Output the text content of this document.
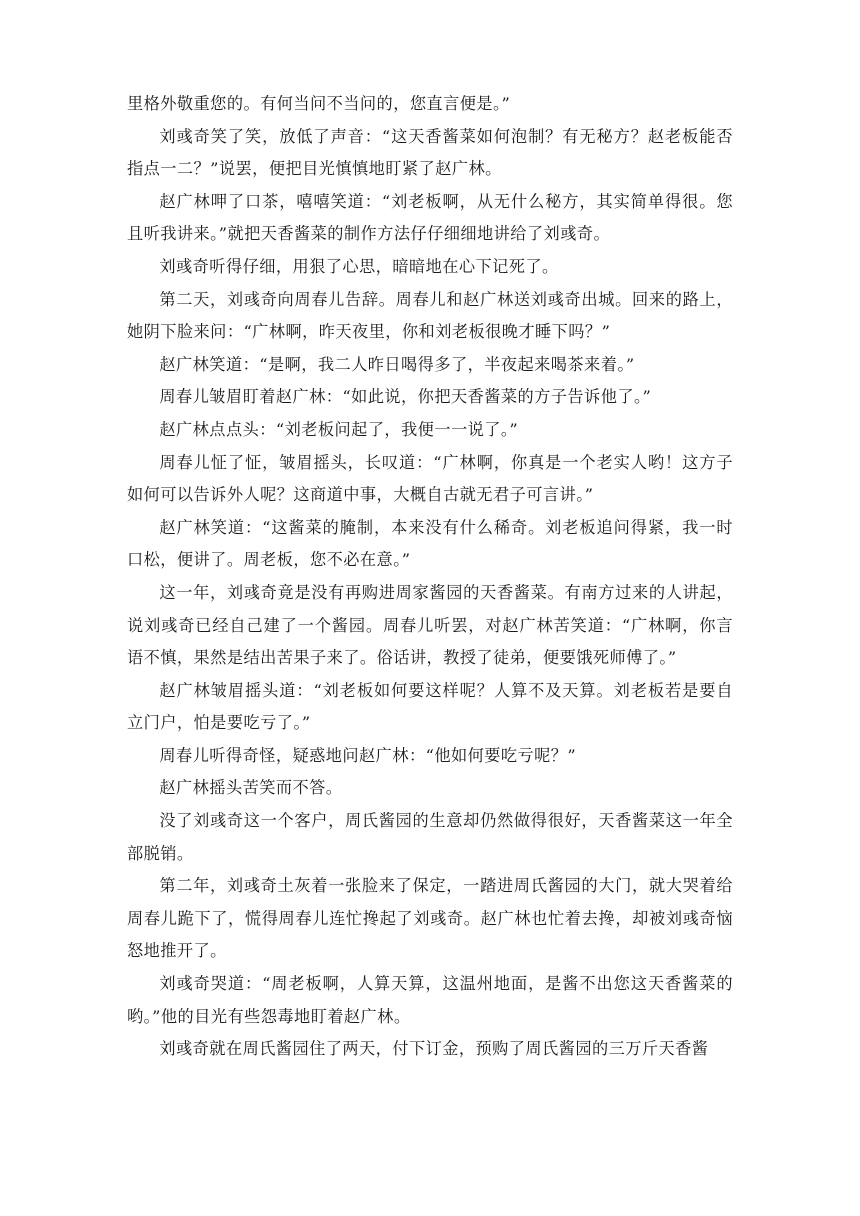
里格外敬重您的。有何当问不当问的，您直言便是。”

刘彧奇笑了笑，放低了声音：“这天香酱菜如何泡制？有无秘方？赵老板能否指点一二？”说罢，便把目光慎慎地盯紧了赵广林。

赵广林呷了口茶，嘻嘻笑道：“刘老板啊，从无什么秘方，其实简单得很。您且听我讲来。”就把天香酱菜的制作方法仔仔细细地讲给了刘彧奇。

刘彧奇听得仔细，用狠了心思，暗暗地在心下记死了。

第二天，刘彧奇向周春儿告辞。周春儿和赵广林送刘彧奇出城。回来的路上，她阴下脸来问：“广林啊，昨天夜里，你和刘老板很晚才睡下吗？”

赵广林笑道：“是啊，我二人昨日喝得多了，半夜起来喝茶来着。”

周春儿皱眉盯着赵广林：“如此说，你把天香酱菜的方子告诉他了。”

赵广林点点头：“刘老板问起了，我便一一说了。”

周春儿怔了怔，皱眉摇头，长叹道：“广林啊，你真是一个老实人哟！这方子如何可以告诉外人呢？这商道中事，大概自古就无君子可言讲。”

赵广林笑道：“这酱菜的腌制，本来没有什么稀奇。刘老板追问得紧，我一时口松，便讲了。周老板，您不必在意。”

这一年，刘彧奇竟是没有再购进周家酱园的天香酱菜。有南方过来的人讲起，说刘彧奇已经自己建了一个酱园。周春儿听罢，对赵广林苦笑道：“广林啊，你言语不慎，果然是结出苦果子来了。俗话讲，教授了徒弟，便要饿死师傅了。”

赵广林皱眉摇头道：“刘老板如何要这样呢？人算不及天算。刘老板若是要自立门户，怕是要吃亏了。”

周春儿听得奇怪，疑惑地问赵广林：“他如何要吃亏呢？”

赵广林摇头苦笑而不答。

没了刘彧奇这一个客户，周氏酱园的生意却仍然做得很好，天香酱菜这一年全部脱销。

第二年，刘彧奇土灰着一张脸来了保定，一踏进周氏酱园的大门，就大哭着给周春儿跪下了，慌得周春儿连忙搀起了刘彧奇。赵广林也忙着去搀，却被刘彧奇恼怒地推开了。

刘彧奇哭道：“周老板啊，人算天算，这温州地面，是酱不出您这天香酱菜的哟。”他的目光有些怨毒地盯着赵广林。

刘彧奇就在周氏酱园住了两天，付下订金，预购了周氏酱园的三万斤天香酱
